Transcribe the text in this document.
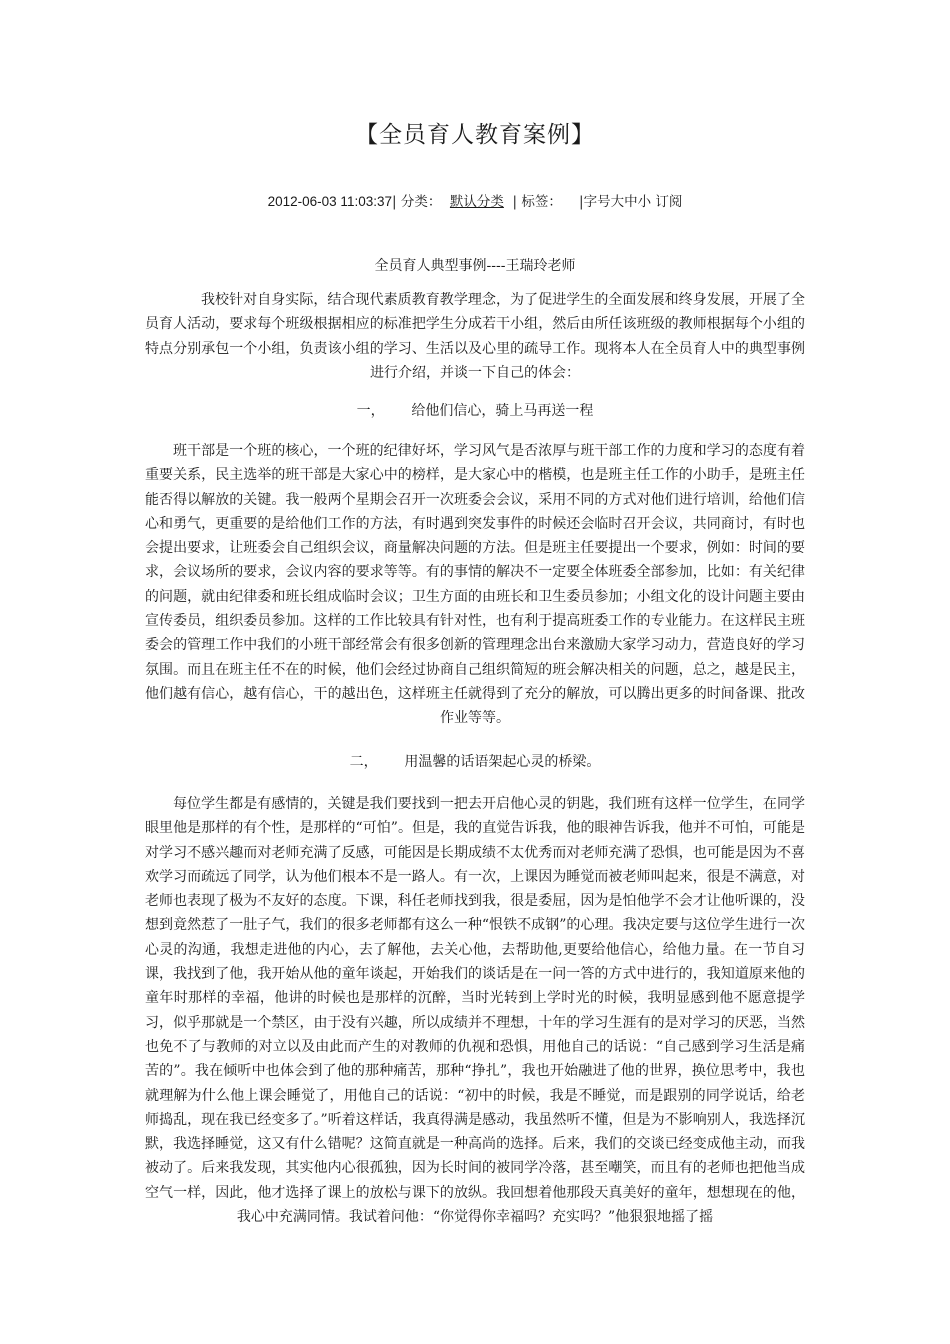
【全员育人教育案例】
2012-06-03 11:03:37| 分类： 默认分类 | 标签： |字号大中小 订阅
全员育人典型事例----王瑞玲老师
我校针对自身实际，结合现代素质教育教学理念，为了促进学生的全面发展和终身发展，开展了全员育人活动，要求每个班级根据相应的标准把学生分成若干小组，然后由所任该班级的教师根据每个小组的特点分别承包一个小组，负责该小组的学习、生活以及心里的疏导工作。现将本人在全员育人中的典型事例进行介绍，并谈一下自己的体会：
一，      给他们信心，骑上马再送一程
班干部是一个班的核心，一个班的纪律好坏，学习风气是否浓厚与班干部工作的力度和学习的态度有着重要关系，民主选举的班干部是大家心中的榜样，是大家心中的楷模，也是班主任工作的小助手，是班主任能否得以解放的关键。我一般两个星期会召开一次班委会会议，采用不同的方式对他们进行培训，给他们信心和勇气，更重要的是给他们工作的方法，有时遇到突发事件的时候还会临时召开会议，共同商讨，有时也会提出要求，让班委会自己组织会议，商量解决问题的方法。但是班主任要提出一个要求，例如：时间的要求，会议场所的要求，会议内容的要求等等。有的事情的解决不一定要全体班委全部参加，比如：有关纪律的问题，就由纪律委和班长组成临时会议；卫生方面的由班长和卫生委员参加；小组文化的设计问题主要由宣传委员，组织委员参加。这样的工作比较具有针对性，也有利于提高班委工作的专业能力。在这样民主班委会的管理工作中我们的小班干部经常会有很多创新的管理理念出台来激励大家学习动力，营造良好的学习氛围。而且在班主任不在的时候，他们会经过协商自己组织简短的班会解决相关的问题，总之，越是民主，他们越有信心，越有信心，干的越出色，这样班主任就得到了充分的解放，可以腾出更多的时间备课、批改作业等等。
二，      用温馨的话语架起心灵的桥梁。
每位学生都是有感情的，关键是我们要找到一把去开启他心灵的钥匙，我们班有这样一位学生，在同学眼里他是那样的有个性，是那样的“可怕”。但是，我的直觉告诉我，他的眼神告诉我，他并不可怕，可能是对学习不感兴趣而对老师充满了反感，可能因是长期成绩不太优秀而对老师充满了恐惧，也可能是因为不喜欢学习而疏远了同学，认为他们根本不是一路人。有一次，上课因为睡觉而被老师叫起来，很是不满意，对老师也表现了极为不友好的态度。下课，科任老师找到我，很是委屈，因为是怕他学不会才让他听课的，没想到竟然惹了一肚子气，我们的很多老师都有这么一种“恨铁不成钢”的心理。我决定要与这位学生进行一次心灵的沟通，我想走进他的内心，去了解他，去关心他，去帮助他,更要给他信心，给他力量。在一节自习课，我找到了他，我开始从他的童年谈起，开始我们的谈话是在一问一答的方式中进行的，我知道原来他的童年时那样的幸福，他讲的时候也是那样的沉醉，当时光转到上学时光的时候，我明显感到他不愿意提学习，似乎那就是一个禁区，由于没有兴趣，所以成绩并不理想，十年的学习生涯有的是对学习的厌恶，当然也免不了与教师的对立以及由此而产生的对教师的仇视和恐惧，用他自己的话说：“自己感到学习生活是痛苦的”。我在倾听中也体会到了他的那种痛苦，那种“挣扎”，我也开始融进了他的世界，换位思考中，我也就理解为什么他上课会睡觉了，用他自己的话说：“初中的时候，我是不睡觉，而是跟别的同学说话，给老师捣乱，现在我已经变多了。”听着这样话，我真得满是感动，我虽然听不懂，但是为不影响别人，我选择沉默，我选择睡觉，这又有什么错呢？这简直就是一种高尚的选择。后来，我们的交谈已经变成他主动，而我被动了。后来我发现，其实他内心很孤独，因为长时间的被同学冷落，甚至嘲笑，而且有的老师也把他当成空气一样，因此，他才选择了课上的放松与课下的放纵。我回想着他那段天真美好的童年，想想现在的他，我心中充满同情。我试着问他：“你觉得你幸福吗？充实吗？”他狠狠地摇了摇
